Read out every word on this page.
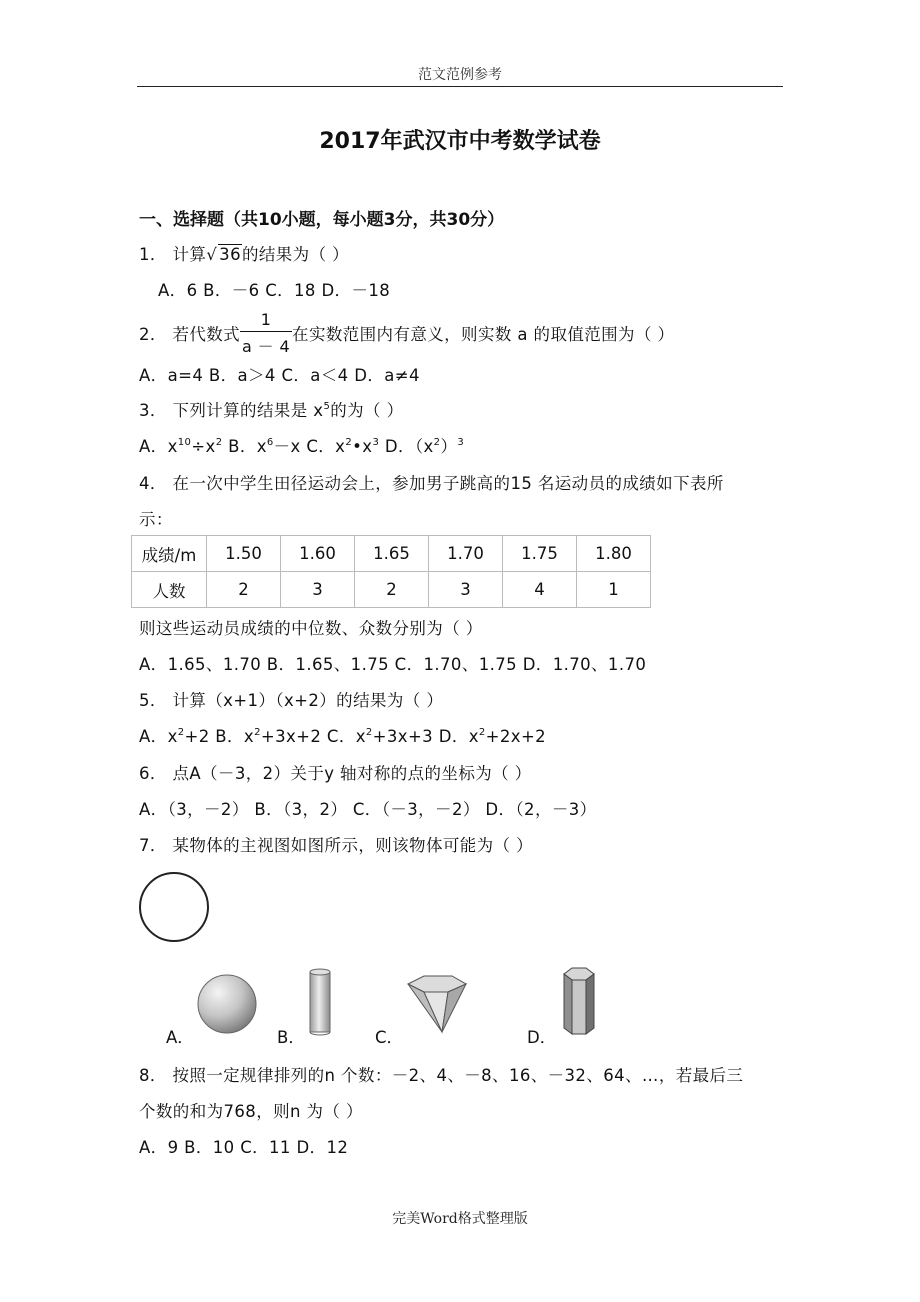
范文范例参考
2017年武汉市中考数学试卷
一、选择题（共10小题，每小题3分，共30分）
1． 计算√ 36的结果为（ ）
A．6 B．－6 C．18 D．－18
2． 若代数式 $\frac{1}{a - 4}$ 在实数范围内有意义，则实数 a 的取值范围为（ ）
A．a=4 B．a＞4 C．a＜4 D．a≠4
3． 下列计算的结果是 $x^5$的为（ ）
A．$x^{10}\div x^2$ B．$x^6-x$ C．$x^2•x^3$ D．$(x^2)^3$
4． 在一次中学生田径运动会上，参加男子跳高的15 名运动员的成绩如下表所
示：
成绩/m	1.50	1.60	1.65	1.70	1.75	1.80
人数	2	3	2	3	4	1
则这些运动员成绩的中位数、众数分别为（ ）
A．1.65、1.70 B．1.65、1.75 C．1.70、1.75 D．1.70、1.70
5． 计算（x+1）（x+2）的结果为（ ）
A．$x^2+2$ B．$x^2+3x+2$ C．$x^2+3x+3$ D．$x^2+2x+2$
6． 点A（－3，2）关于y 轴对称的点的坐标为（ ）
A．（3，－2） B．（3，2） C．（－3，－2） D．（2，－3）
7． 某物体的主视图如图所示，则该物体可能为（ ）
A．	B．	C．	D．
8． 按照一定规律排列的n 个数：－2、4、－8、16、－32、64、…，若最后三
个数的和为768，则n 为（ ）
A．9 B．10 C．11 D．12
完美Word格式整理版
